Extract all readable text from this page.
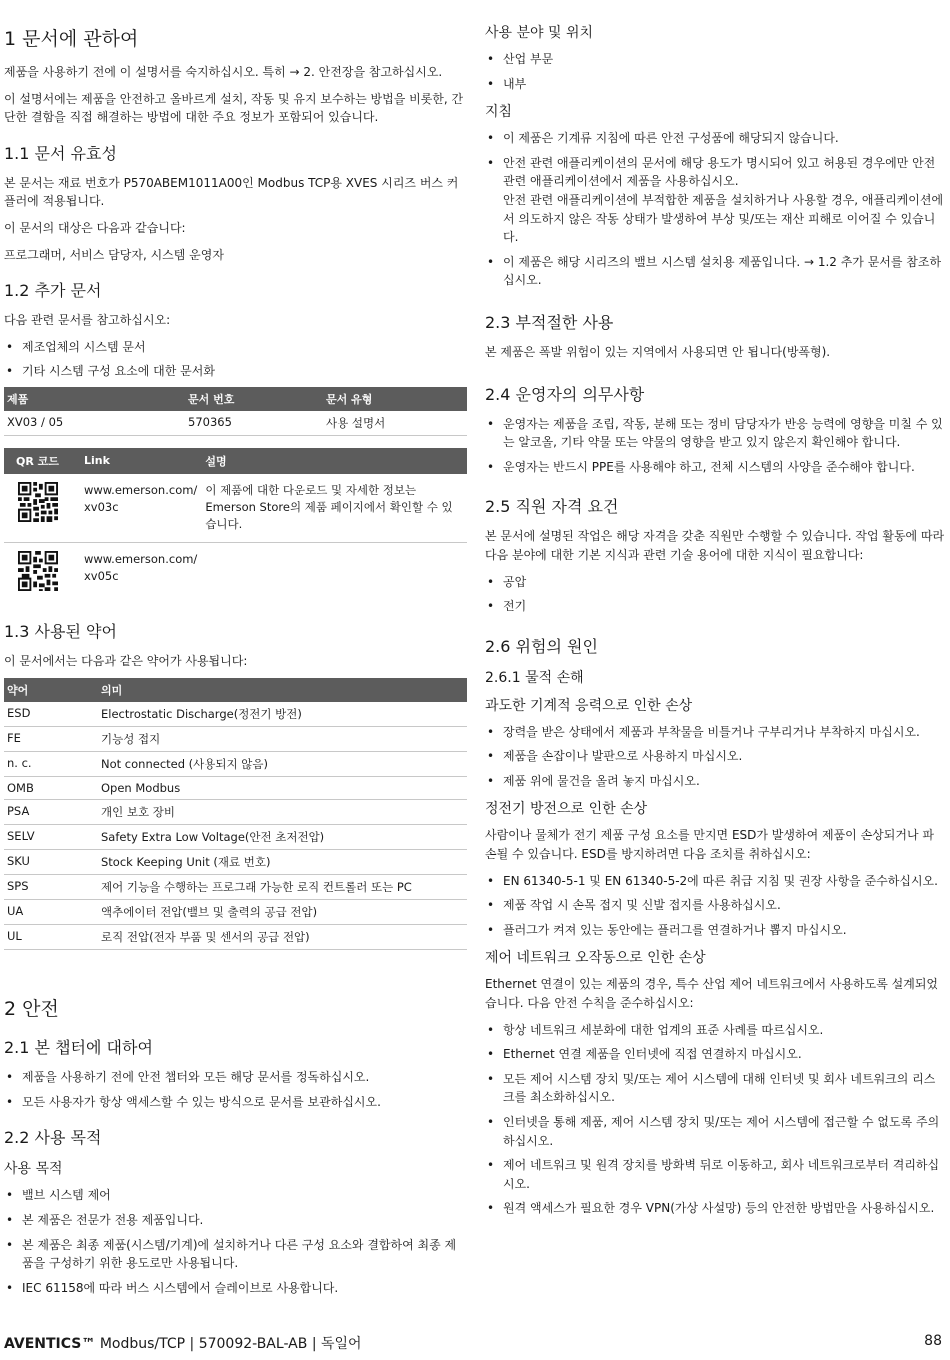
1 문서에 관하여

제품을 사용하기 전에 이 설명서를 숙지하십시오. 특히 → 2. 안전장을 참고하십시오.

이 설명서에는 제품을 안전하고 올바르게 설치, 작동 및 유지 보수하는 방법을 비롯한, 간단한 결함을 직접 해결하는 방법에 대한 주요 정보가 포함되어 있습니다.

1.1 문서 유효성

본 문서는 재료 번호가 P570ABEM1011A00인 Modbus TCP용 XVES 시리즈 버스 커플러에 적용됩니다.

이 문서의 대상은 다음과 같습니다:

프로그래머, 서비스 담당자, 시스템 운영자

1.2 추가 문서

다음 관련 문서를 참고하십시오:

• 제조업체의 시스템 문서
• 기타 시스템 구성 요소에 대한 문서화
제품	문서 번호	문서 유형
XV03 / 05	570365	사용 설명서
QR 코드	Link	설명

	www.emerson.com/ xv03c	이 제품에 대한 다운로드 및 자세한 정보는 Emerson Store의 제품 페이지에서 확인할 수 있습니다.

	www.emerson.com/ xv05c	
1.3 사용된 약어

이 문서에서는 다음과 같은 약어가 사용됩니다:

약어	의미
ESD	Electrostatic Discharge(정전기 방전)
FE	기능성 접지
n. c.	Not connected (사용되지 않음)
OMB	Open Modbus
PSA	개인 보호 장비
SELV	Safety Extra Low Voltage(안전 초저전압)
SKU	Stock Keeping Unit (재료 번호)
SPS	제어 기능을 수행하는 프로그래 가능한 로직 컨트롤러 또는 PC
UA	액추에이터 전압(밸브 및 출력의 공급 전압)
UL	로직 전압(전자 부품 및 센서의 공급 전압)
2 안전
2.1 본 챕터에 대하여
• 제품을 사용하기 전에 안전 챕터와 모든 해당 문서를 정독하십시오.
• 모든 사용자가 항상 액세스할 수 있는 방식으로 문서를 보관하십시오.
2.2 사용 목적
사용 목적
• 밸브 시스템 제어
• 본 제품은 전문가 전용 제품입니다.
• 본 제품은 최종 제품(시스템/기계)에 설치하거나 다른 구성 요소와 결합하여 최종 제품을 구성하기 위한 용도로만 사용됩니다.
• IEC 61158에 따라 버스 시스템에서 슬레이브로 사용합니다.
사용 분야 및 위치
• 산업 부문
• 내부
지침
• 이 제품은 기계류 지침에 따른 안전 구성품에 해당되지 않습니다.
• 안전 관련 애플리케이션의 문서에 해당 용도가 명시되어 있고 허용된 경우에만 안전 관련 애플리케이션에서 제품을 사용하십시오.
안전 관련 애플리케이션에 부적합한 제품을 설치하거나 사용할 경우, 애플리케이션에서 의도하지 않은 작동 상태가 발생하여 부상 및/또는 재산 피해로 이어질 수 있습니다.
• 이 제품은 해당 시리즈의 밸브 시스템 설치용 제품입니다. → 1.2 추가 문서를 참조하십시오.
2.3 부적절한 사용

본 제품은 폭발 위험이 있는 지역에서 사용되면 안 됩니다(방폭형).

2.4 운영자의 의무사항
• 운영자는 제품을 조립, 작동, 분해 또는 정비 담당자가 반응 능력에 영향을 미칠 수 있는 알코올, 기타 약물 또는 약물의 영향을 받고 있지 않은지 확인해야 합니다.
• 운영자는 반드시 PPE를 사용해야 하고, 전체 시스템의 사양을 준수해야 합니다.
2.5 직원 자격 요건

본 문서에 설명된 작업은 해당 자격을 갖춘 직원만 수행할 수 있습니다. 작업 활동에 따라 다음 분야에 대한 기본 지식과 관련 기술 용어에 대한 지식이 필요합니다:

• 공압
• 전기
2.6 위험의 원인
2.6.1 물적 손해
과도한 기계적 응력으로 인한 손상
• 장력을 받은 상태에서 제품과 부착물을 비틀거나 구부리거나 부착하지 마십시오.
• 제품을 손잡이나 발판으로 사용하지 마십시오.
• 제품 위에 물건을 올려 놓지 마십시오.
정전기 방전으로 인한 손상

사람이나 물체가 전기 제품 구성 요소를 만지면 ESD가 발생하여 제품이 손상되거나 파손될 수 있습니다. ESD를 방지하려면 다음 조치를 취하십시오:

• EN 61340-5-1 및 EN 61340-5-2에 따른 취급 지침 및 권장 사항을 준수하십시오.
• 제품 작업 시 손목 접지 및 신발 접지를 사용하십시오.
• 플러그가 켜져 있는 동안에는 플러그를 연결하거나 뽑지 마십시오.
제어 네트워크 오작동으로 인한 손상

Ethernet 연결이 있는 제품의 경우, 특수 산업 제어 네트워크에서 사용하도록 설계되었습니다. 다음 안전 수칙을 준수하십시오:

• 항상 네트워크 세분화에 대한 업계의 표준 사례를 따르십시오.
• Ethernet 연결 제품을 인터넷에 직접 연결하지 마십시오.
• 모든 제어 시스템 장치 및/또는 제어 시스템에 대해 인터넷 및 회사 네트워크의 리스크를 최소화하십시오.
• 인터넷을 통해 제품, 제어 시스템 장치 및/또는 제어 시스템에 접근할 수 없도록 주의하십시오.
• 제어 네트워크 및 원격 장치를 방화벽 뒤로 이동하고, 회사 네트워크로부터 격리하십시오.
• 원격 액세스가 필요한 경우 VPN(가상 사설망) 등의 안전한 방법만을 사용하십시오.
AVENTICS™ Modbus/TCP | 570092-BAL-AB | 독일어	88
